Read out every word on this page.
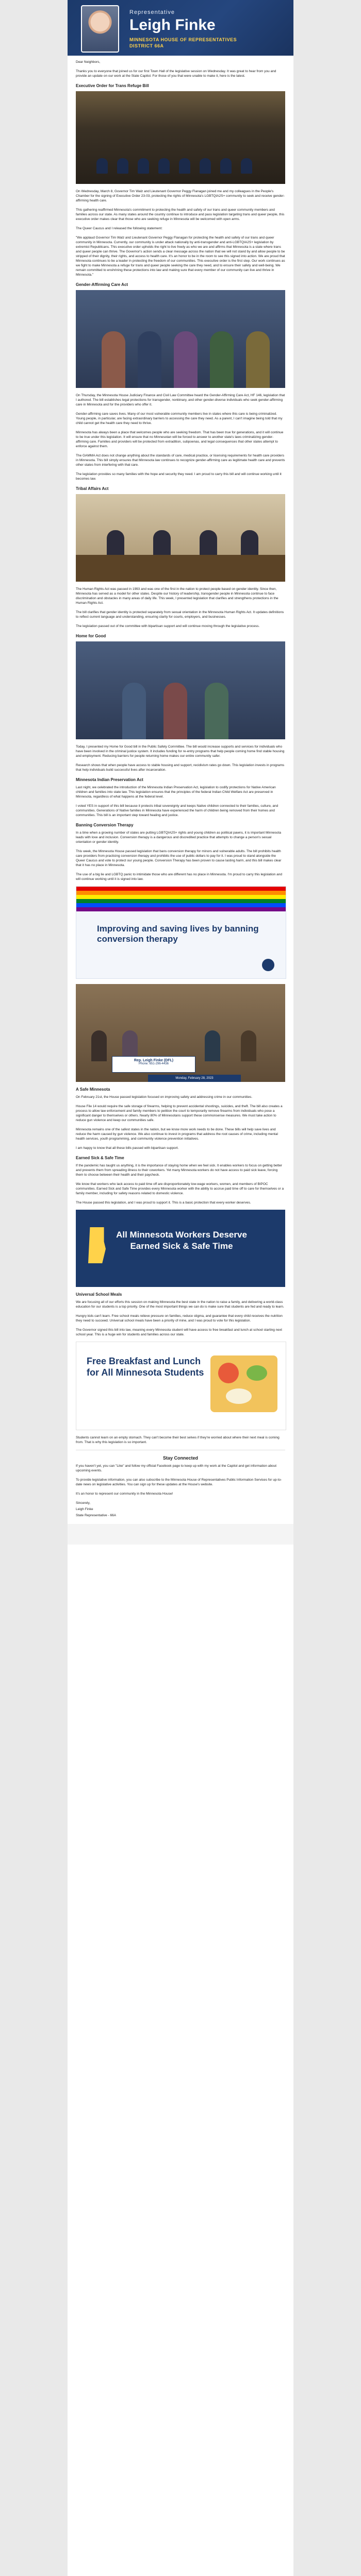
Representative
Leigh Finke
MINNESOTA HOUSE OF REPRESENTATIVES
DISTRICT 66A

Dear Neighbors,

Thanks you to everyone that joined us for our first Town Hall of the legislative session on Wednesday. It was great to hear from you and provide an update on our work at the State Capitol. For those of you that were unable to make it, here is the latest.

Executive Order for Trans Refuge Bill

On Wednesday, March 8, Governor Tim Walz and Lieutenant Governor Peggy Flanagan joined me and my colleagues in the People's Chamber for the signing of Executive Order 23-03, protecting the rights of Minnesota's LGBTQIA2S+ community to seek and receive gender-affirming health care.

This gathering reaffirmed Minnesota's commitment to protecting the health and safety of our trans and queer community members and families across our state. As many states around the country continue to introduce and pass legislation targeting trans and queer people, this executive order makes clear that those who are seeking refuge in Minnesota will be welcomed with open arms.

The Queer Caucus and I released the following statement:

"We applaud Governor Tim Walz and Lieutenant Governor Peggy Flanagan for protecting the health and safety of our trans and queer community in Minnesota. Currently, our community is under attack nationally by anti-transgender and anti-LGBTQIA2S+ legislation by extremist Republicans. This executive order upholds the right to live freely as who we are and affirms that Minnesota is a state where trans and queer people can thrive. The Governor's action sends a clear message across the nation that we will not stand by and allow people to be stripped of their dignity, their rights, and access to health care. It's an honor to be in the room to see this signed into action. We are proud that Minnesota continues to be a leader in protecting the freedom of our communities. This executive order is the first step. Our work continues as we fight to make Minnesota a refuge for trans and queer people seeking the care they need, and to ensure their safety and well-being. We remain committed to enshrining these protections into law and making sure that every member of our community can live and thrive in Minnesota."

Gender-Affirming Care Act

On Thursday, the Minnesota House Judiciary Finance and Civil Law Committee heard the Gender-Affirming Care Act, HF 146, legislation that I authored. The bill establishes legal protections for transgender, nonbinary, and other gender-diverse individuals who seek gender-affirming care in Minnesota and for the providers who offer it.

Gender-affirming care saves lives. Many of our most vulnerable community members live in states where this care is being criminalized. Young people, in particular, are facing extraordinary barriers to accessing the care they need. As a parent, I can't imagine being told that my child cannot get the health care they need to thrive.

Minnesota has always been a place that welcomes people who are seeking freedom. That has been true for generations, and it will continue to be true under this legislation. It will ensure that no Minnesotan will be forced to answer to another state's laws criminalizing gender-affirming care. Families and providers will be protected from extradition, subpoenas, and legal consequences that other states attempt to enforce against them.

The GAMMA Act does not change anything about the standards of care, medical practice, or licensing requirements for health care providers in Minnesota. This bill simply ensures that Minnesota law continues to recognize gender-affirming care as legitimate health care and prevents other states from interfering with that care.

The legislation provides so many families with the hope and security they need. I am proud to carry this bill and will continue working until it becomes law.

Tribal Affairs Act

The Human Rights Act was passed in 1993 and was one of the first in the nation to protect people based on gender identity. Since then, Minnesota has served as a model for other states. Despite our history of leadership, transgender people in Minnesota continue to face discrimination and obstacles in many areas of daily life. This week, I presented legislation that clarifies and strengthens protections in the Human Rights Act.

The bill clarifies that gender identity is protected separately from sexual orientation in the Minnesota Human Rights Act. It updates definitions to reflect current language and understanding, ensuring clarity for courts, employers, and businesses.

The legislation passed out of the committee with bipartisan support and will continue moving through the legislative process.

Home for Good

Today, I presented my Home for Good bill in the Public Safety Committee. The bill would increase supports and services for individuals who have been involved in the criminal justice system. It includes funding for re-entry programs that help people coming home find stable housing and employment. Reducing barriers for people returning home makes our entire community safer.

Research shows that when people have access to stable housing and support, recidivism rates go down. This legislation invests in programs that help individuals build successful lives after incarceration.

Minnesota Indian Preservation Act

Last night, we celebrated the introduction of the Minnesota Indian Preservation Act, legislation to codify protections for Native American children and families into state law. This legislation ensures that the principles of the federal Indian Child Welfare Act are preserved in Minnesota, regardless of what happens at the federal level.

I voted YES in support of this bill because it protects tribal sovereignty and keeps Native children connected to their families, culture, and communities. Generations of Native families in Minnesota have experienced the harm of children being removed from their homes and communities. This bill is an important step toward healing and justice.

Banning Conversion Therapy

In a time when a growing number of states are putting LGBTQIA2S+ rights and young children as political pawns, it is important Minnesota leads with love and inclusion. Conversion therapy is a dangerous and discredited practice that attempts to change a person's sexual orientation or gender identity.

This week, the Minnesota House passed legislation that bans conversion therapy for minors and vulnerable adults. The bill prohibits health care providers from practicing conversion therapy and prohibits the use of public dollars to pay for it. I was proud to stand alongside the Queer Caucus and vote to protect our young people. Conversion Therapy has been proven to cause lasting harm, and this bill makes clear that it has no place in Minnesota.

The use of a big lie and LGBTQ panic to intimidate those who are different has no place in Minnesota. I'm proud to carry this legislation and will continue working until it is signed into law.

Improving and saving lives by banning conversion therapy
Rep. Leigh Finke (DFL)
Phone: 651-296-4436
Monday, February 28, 2023
A Safe Minnesota

On February 21st, the House passed legislation focused on improving safety and addressing crime in our communities.

House File 14 would require the safe storage of firearms, helping to prevent accidental shootings, suicides, and theft. The bill also creates a process to allow law enforcement and family members to petition the court to temporarily remove firearms from individuals who pose a significant danger to themselves or others. Nearly 80% of Minnesotans support these commonsense measures. We must take action to reduce gun violence and keep our communities safe.

Minnesota remains one of the safest states in the nation, but we know more work needs to be done. These bills will help save lives and reduce the harm caused by gun violence. We also continue to invest in programs that address the root causes of crime, including mental health services, youth programming, and community violence prevention initiatives.

I am happy to know that all these bills passed with bipartisan support.

Earned Sick & Safe Time

If the pandemic has taught us anything, it is the importance of staying home when we feel sick. It enables workers to focus on getting better and prevents them from spreading illness to their coworkers. Yet many Minnesota workers do not have access to paid sick leave, forcing them to choose between their health and their paycheck.

We know that workers who lack access to paid time off are disproportionately low-wage workers, women, and members of BIPOC communities. Earned Sick and Safe Time provides every Minnesota worker with the ability to accrue paid time off to care for themselves or a family member, including for safety reasons related to domestic violence.

The House passed this legislation, and I was proud to support it. This is a basic protection that every worker deserves.

All Minnesota Workers Deserve Earned Sick & Safe Time
Universal School Meals

We are focusing all of our efforts this session on making Minnesota the best state in the nation to raise a family, and delivering a world-class education for our students is a top priority. One of the most important things we can do is make sure that students are fed and ready to learn.

Hungry kids can't learn. Free school meals relieve pressure on families, reduce stigma, and guarantee that every child receives the nutrition they need to succeed. Universal school meals have been a priority of mine, and I was proud to vote for this legislation.

The Governor signed this bill into law, meaning every Minnesota student will have access to free breakfast and lunch at school starting next school year. This is a huge win for students and families across our state.

Free Breakfast and Lunch for All Minnesota Students

Students cannot learn on an empty stomach. They can't become their best selves if they're worried about where their next meal is coming from. That is why this legislation is so important.

Stay Connected

If you haven't yet, you can "Like" and follow my official Facebook page to keep up with my work at the Capitol and get information about upcoming events.

To provide legislative information, you can also subscribe to the Minnesota House of Representatives Public Information Services for up-to-date news on legislative activities. You can sign up for these updates at the House's website.

It's an honor to represent our community in the Minnesota House!

Sincerely,

Leigh Finke

State Representative - 66A
